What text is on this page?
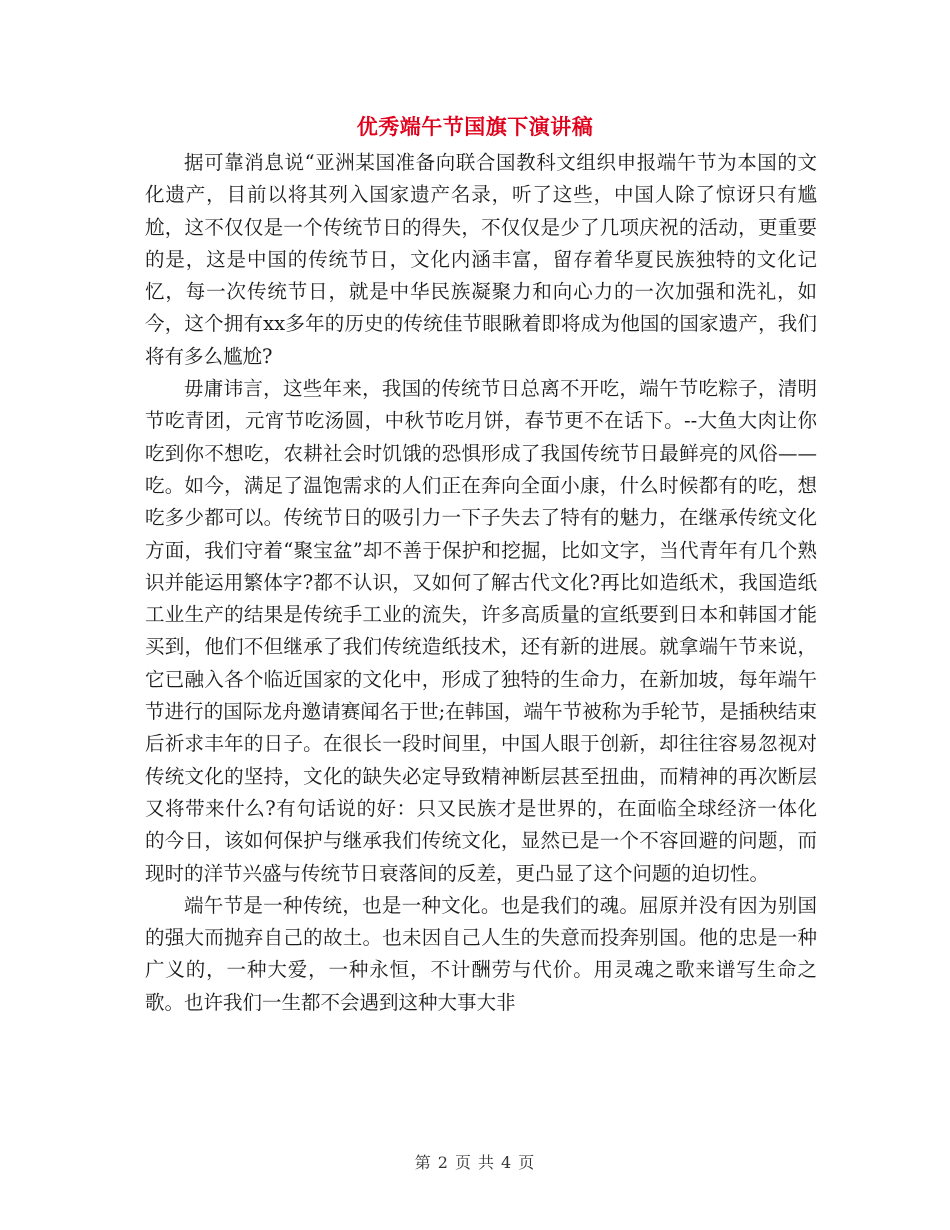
优秀端午节国旗下演讲稿

据可靠消息说“亚洲某国准备向联合国教科文组织申报端午节为本国的文化遗产，目前以将其列入国家遗产名录，听了这些，中国人除了惊讶只有尴尬，这不仅仅是一个传统节日的得失，不仅仅是少了几项庆祝的活动，更重要的是，这是中国的传统节日，文化内涵丰富，留存着华夏民族独特的文化记忆，每一次传统节日，就是中华民族凝聚力和向心力的一次加强和洗礼，如今，这个拥有xx多年的历史的传统佳节眼瞅着即将成为他国的国家遗产，我们将有多么尴尬?

毋庸讳言，这些年来，我国的传统节日总离不开吃，端午节吃粽子，清明节吃青团，元宵节吃汤圆，中秋节吃月饼，春节更不在话下。--大鱼大肉让你吃到你不想吃，农耕社会时饥饿的恐惧形成了我国传统节日最鲜亮的风俗——吃。如今，满足了温饱需求的人们正在奔向全面小康，什么时候都有的吃，想吃多少都可以。传统节日的吸引力一下子失去了特有的魅力，在继承传统文化方面，我们守着“聚宝盆”却不善于保护和挖掘，比如文字，当代青年有几个熟识并能运用繁体字?都不认识，又如何了解古代文化?再比如造纸术，我国造纸工业生产的结果是传统手工业的流失，许多高质量的宣纸要到日本和韩国才能买到，他们不但继承了我们传统造纸技术，还有新的进展。就拿端午节来说，它已融入各个临近国家的文化中，形成了独特的生命力，在新加坡，每年端午节进行的国际龙舟邀请赛闻名于世;在韩国，端午节被称为手轮节，是插秧结束后祈求丰年的日子。在很长一段时间里，中国人眼于创新，却往往容易忽视对传统文化的坚持，文化的缺失必定导致精神断层甚至扭曲，而精神的再次断层又将带来什么?有句话说的好：只又民族才是世界的，在面临全球经济一体化的今日，该如何保护与继承我们传统文化，显然已是一个不容回避的问题，而现时的洋节兴盛与传统节日衰落间的反差，更凸显了这个问题的迫切性。

端午节是一种传统，也是一种文化。也是我们的魂。屈原并没有因为别国的强大而抛弃自己的故土。也未因自己人生的失意而投奔别国。他的忠是一种广义的，一种大爱，一种永恒，不计酬劳与代价。用灵魂之歌来谱写生命之歌。也许我们一生都不会遇到这种大事大非

第 2 页 共 4 页
